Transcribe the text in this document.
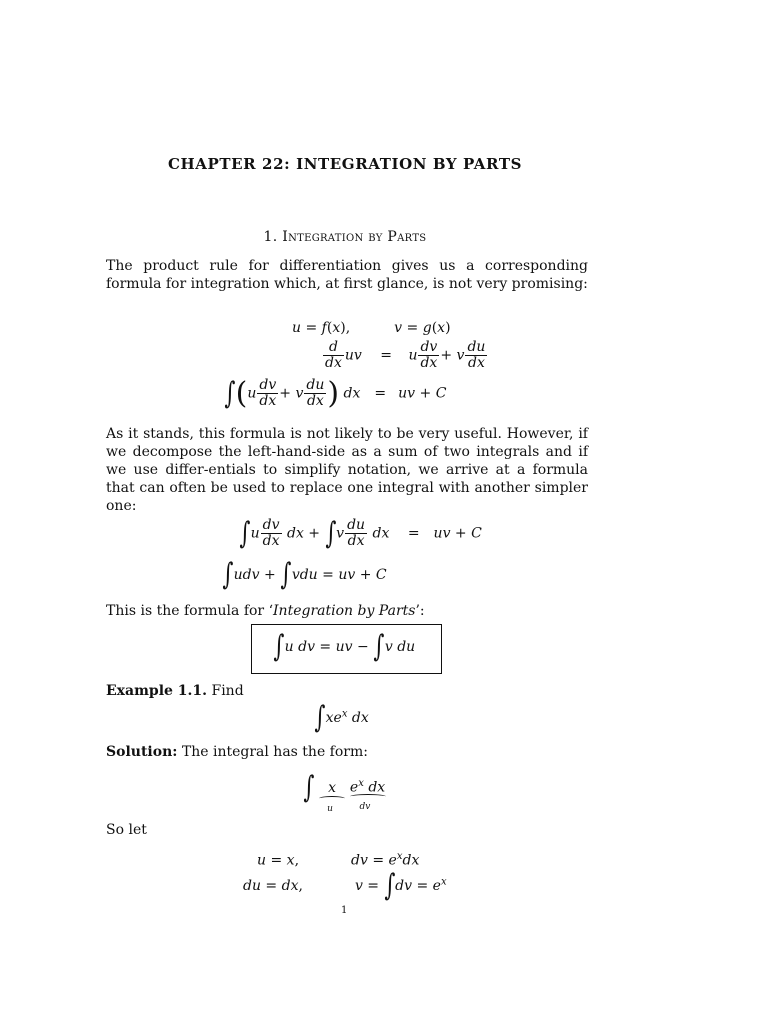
CHAPTER 22: INTEGRATION BY PARTS
1. Integration by Parts
The product rule for differentiation gives us a corresponding formula for integration which, at first glance, is not very promising:
u = f(x),	v = g(x)
$\frac{d}{dx}$ uv = u $\frac{dv}{dx} + v \frac{du}{dx}$
$\int(u \frac{dv}{dx} + v \frac{du}{dx}$ ) dx = uv + C
As it stands, this formula is not likely to be very useful. However, if we decompose the left-hand-side as a sum of two integrals and if we use differ-entials to simplify notation, we arrive at a formula that can often be used to replace one integral with another simpler one:
$\int u \frac{dv}{dx}$ dx + $\int v \frac{du}{dx}$ dx = uv + C
∫udv + ∫vdu = uv + C
This is the formula for ‘Integration by Parts’:
∫u dv = uv − ∫v du
Example 1.1. Find
$\int xe^x$ dx
Solution: The integral has the form:
∫ x
u
$e^x$ dx
dv
So let
u = x,	dv = $e^xdx$
du = dx,	$v = \int dv = e^x$
1
